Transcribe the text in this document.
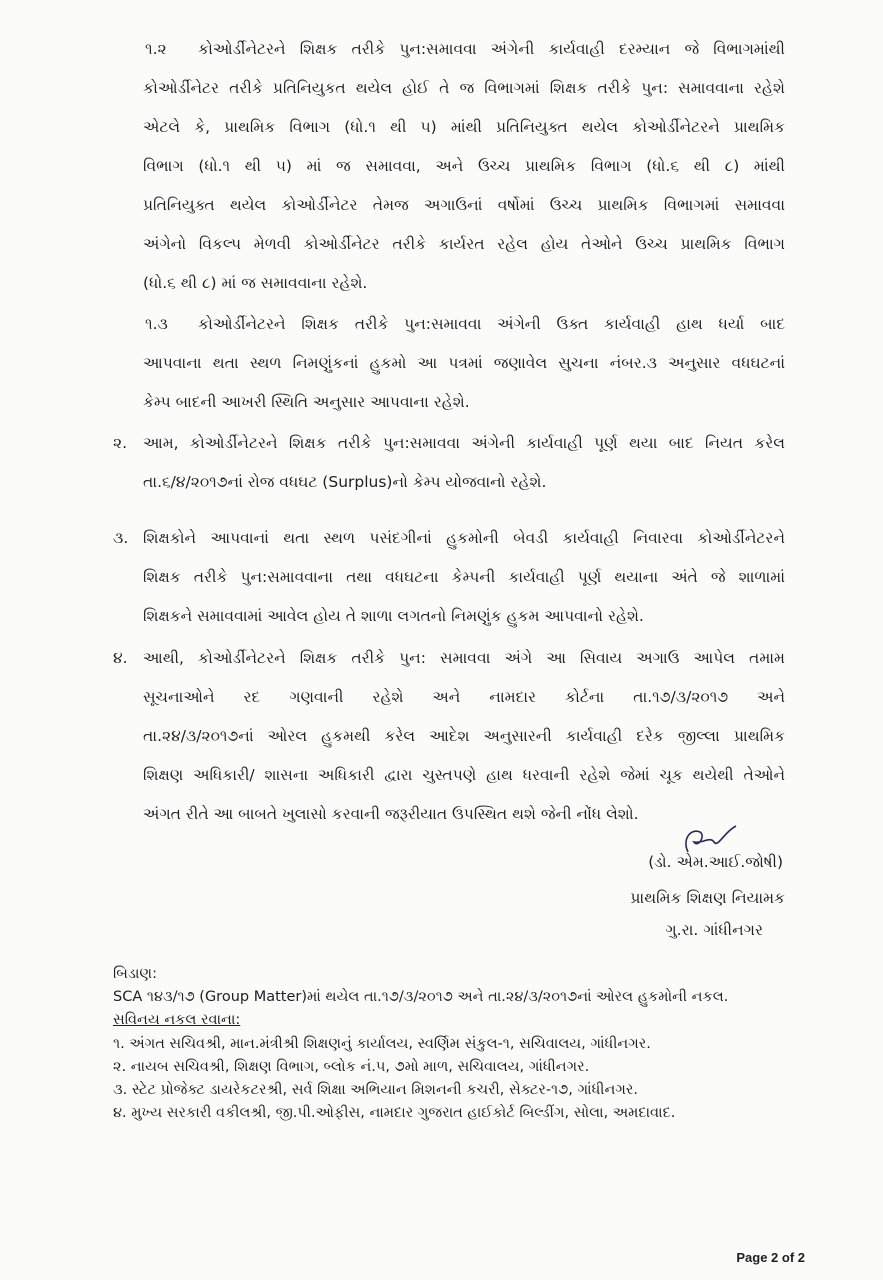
કોઓર્ડીનેટરને શિક્ષક તરીકે પુન:સમાવવા અંગેની કાર્યવાહી દરમ્યાન જે વિભાગમાંથી
કોઓર્ડીનેટર તરીકે પ્રતિનિયુકત થયેલ હોઈ તે જ વિભાગમાં શિક્ષક તરીકે પુન: સમાવવાના રહેશે
એટલે કે, પ્રાથમિક વિભાગ (ધો.૧ થી ૫) માંથી પ્રતિનિયુક્ત થયેલ કોઓર્ડીનેટરને પ્રાથમિક
વિભાગ (ધો.૧ થી ૫) માં જ સમાવવા, અને ઉચ્ચ પ્રાથમિક વિભાગ (ધો.૬ થી ૮) માંથી
પ્રતિનિયુક્ત થયેલ કોઓર્ડીનેટર તેમજ અગાઉનાં વર્ષોમાં ઉચ્ચ પ્રાથમિક વિભાગમાં સમાવવા
અંગેનો વિકલ્પ મેળવી કોઓર્ડીનેટર તરીકે કાર્યરત રહેલ હોય તેઓને ઉચ્ચ પ્રાથમિક વિભાગ
(ધો.૬ થી ૮) માં જ સમાવવાના રહેશે.
૧.૨
કોઓર્ડીનેટરને શિક્ષક તરીકે પુન:સમાવવા અંગેની ઉક્ત કાર્યવાહી હાથ ધર્યા બાદ
આપવાના થતા સ્થળ નિમણુંકનાં હુકમો આ પત્રમાં જણાવેલ સુચના નંબર.૩ અનુસાર વધઘટનાં
કેમ્પ બાદની આખરી સ્થિતિ અનુસાર આપવાના રહેશે.
૧.૩
આમ, કોઓર્ડીનેટરને શિક્ષક તરીકે પુન:સમાવવા અંગેની કાર્યવાહી પૂર્ણ થયા બાદ નિયત કરેલ
તા.૬/૪/૨૦૧૭નાં રોજ વધઘટ (Surplus)નો કેમ્પ યોજવાનો રહેશે.
૨.
શિક્ષકોને આપવાનાં થતા સ્થળ પસંદગીનાં હુકમોની બેવડી કાર્યવાહી નિવારવા કોઓર્ડીનેટરને
શિક્ષક તરીકે પુન:સમાવવાના તથા વધઘટના કેમ્પની કાર્યવાહી પૂર્ણ થયાના અંતે જે શાળામાં
શિક્ષકને સમાવવામાં આવેલ હોય તે શાળા લગતનો નિમણુંક હુકમ આપવાનો રહેશે.
૩.
આથી, કોઓર્ડીનેટરને શિક્ષક તરીકે પુન: સમાવવા અંગે આ સિવાય અગાઉ આપેલ તમામ
સૂચનાઓને રદ ગણવાની રહેશે અને નામદાર કોર્ટના તા.૧૭/૩/૨૦૧૭ અને
તા.૨૪/૩/૨૦૧૭નાં ઓરલ હુકમથી કરેલ આદેશ અનુસારની કાર્યવાહી દરેક જીલ્લા પ્રાથમિક
શિક્ષણ અધિકારી/ શાસના અધિકારી દ્વારા ચુસ્તપણે હાથ ધરવાની રહેશે જેમાં ચૂક થયેથી તેઓને
અંગત રીતે આ બાબતે ખુલાસો કરવાની જરૂરીયાત ઉપસ્થિત થશે જેની નોંધ લેશો.
૪.
(ડો. એમ.આઈ.જોષી)
પ્રાથમિક શિક્ષણ નિયામક
ગુ.રા. ગાંધીનગર
બિડાણ:
SCA ૧૪૩/૧૭ (Group Matter)માં થયેલ તા.૧૭/૩/૨૦૧૭ અને તા.૨૪/૩/૨૦૧૭નાં ઓરલ હુકમોની નકલ.
સવિનય નકલ રવાના:
૧. અંગત સચિવશ્રી, માન.મંત્રીશ્રી શિક્ષણનું કાર્યાલય, સ્વર્ણિમ સંકુલ-૧, સચિવાલય, ગાંધીનગર.
૨. નાયબ સચિવશ્રી, શિક્ષણ વિભાગ, બ્લોક નં.૫, ૭મો માળ, સચિવાલય, ગાંધીનગર.
૩. સ્ટેટ પ્રોજેક્ટ ડાયરેકટરશ્રી, સર્વ શિક્ષા અભિયાન મિશનની કચરી, સેક્ટર-૧૭, ગાંધીનગર.
૪. મુખ્ય સરકારી વકીલશ્રી, જી.પી.ઓફીસ, નામદાર ગુજરાત હાઈકોર્ટ બિલ્ડીંગ, સોલા, અમદાવાદ.
Page 2 of 2
